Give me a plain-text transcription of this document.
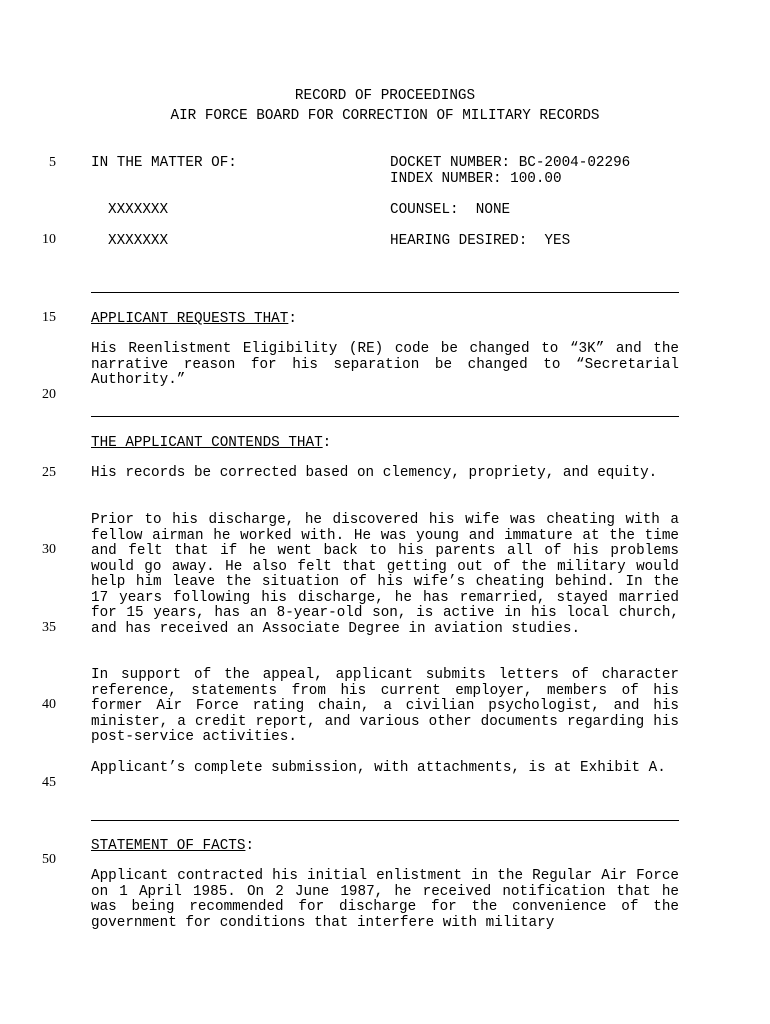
RECORD OF PROCEEDINGS
AIR FORCE BOARD FOR CORRECTION OF MILITARY RECORDS
5
10
15
20
25
30
35
40
45
50
IN THE MATTER OF:	DOCKET NUMBER: BC-2004-02296
INDEX NUMBER: 100.00
XXXXXXX	COUNSEL:  NONE
XXXXXXX	HEARING DESIRED:  YES
APPLICANT REQUESTS THAT:
His Reenlistment Eligibility (RE) code be changed to “3K” and the narrative reason for his separation be changed to “Secretarial Authority.”
THE APPLICANT CONTENDS THAT:
His records be corrected based on clemency, propriety, and equity.
Prior to his discharge, he discovered his wife was cheating with a fellow airman he worked with. He was young and immature at the time and felt that if he went back to his parents all of his problems would go away. He also felt that getting out of the military would help him leave the situation of his wife’s cheating behind. In the 17 years following his discharge, he has remarried, stayed married for 15 years, has an 8-year-old son, is active in his local church, and has received an Associate Degree in aviation studies.
In support of the appeal, applicant submits letters of character reference, statements from his current employer, members of his former Air Force rating chain, a civilian psychologist, and his minister, a credit report, and various other documents regarding his post-service activities.
Applicant’s complete submission, with attachments, is at Exhibit A.
STATEMENT OF FACTS:
Applicant contracted his initial enlistment in the Regular Air Force on 1 April 1985. On 2 June 1987, he received notification that he was being recommended for discharge for the convenience of the government for conditions that interfere with military
